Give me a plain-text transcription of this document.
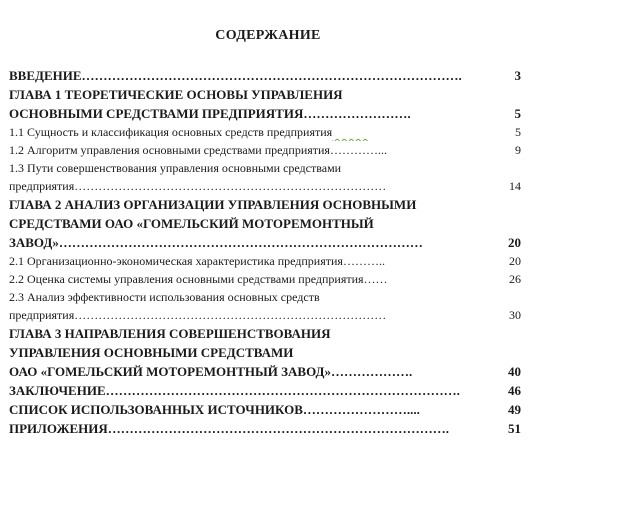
СОДЕРЖАНИЕ
ВВЕДЕНИЕ…………………………………………………………………………….	3
ГЛАВА 1 ТЕОРЕТИЧЕСКИЕ ОСНОВЫ УПРАВЛЕНИЯ
ОСНОВНЫМИ СРЕДСТВАМИ ПРЕДПРИЯТИЯ…………………….	5
1.1 Сущность и классификация основных средств предприятия	5
1.2 Алгоритм управления основными средствами предприятия…………...	9
1.3 Пути совершенствования управления основными средствами
предприятия……………………………………………………………………	14
ГЛАВА 2 АНАЛИЗ ОРГАНИЗАЦИИ УПРАВЛЕНИЯ ОСНОВНЫМИ
СРЕДСТВАМИ ОАО «ГОМЕЛЬСКИЙ МОТОРЕМОНТНЫЙ
ЗАВОД»…………………………………………………………………………	20
2.1 Организационно-экономическая характеристика предприятия………..	20
2.2 Оценка системы управления основными средствами предприятия……	26
2.3 Анализ эффективности использования основных средств
предприятия……………………………………………………………………	30
ГЛАВА 3 НАПРАВЛЕНИЯ СОВЕРШЕНСТВОВАНИЯ
УПРАВЛЕНИЯ ОСНОВНЫМИ СРЕДСТВАМИ
ОАО «ГОМЕЛЬСКИЙ МОТОРЕМОНТНЫЙ ЗАВОД»……………….	40
ЗАКЛЮЧЕНИЕ……………………………………………………………………….	46
СПИСОК ИСПОЛЬЗОВАННЫХ ИСТОЧНИКОВ……………………....	49
ПРИЛОЖЕНИЯ…………………………………………………………………….	51
